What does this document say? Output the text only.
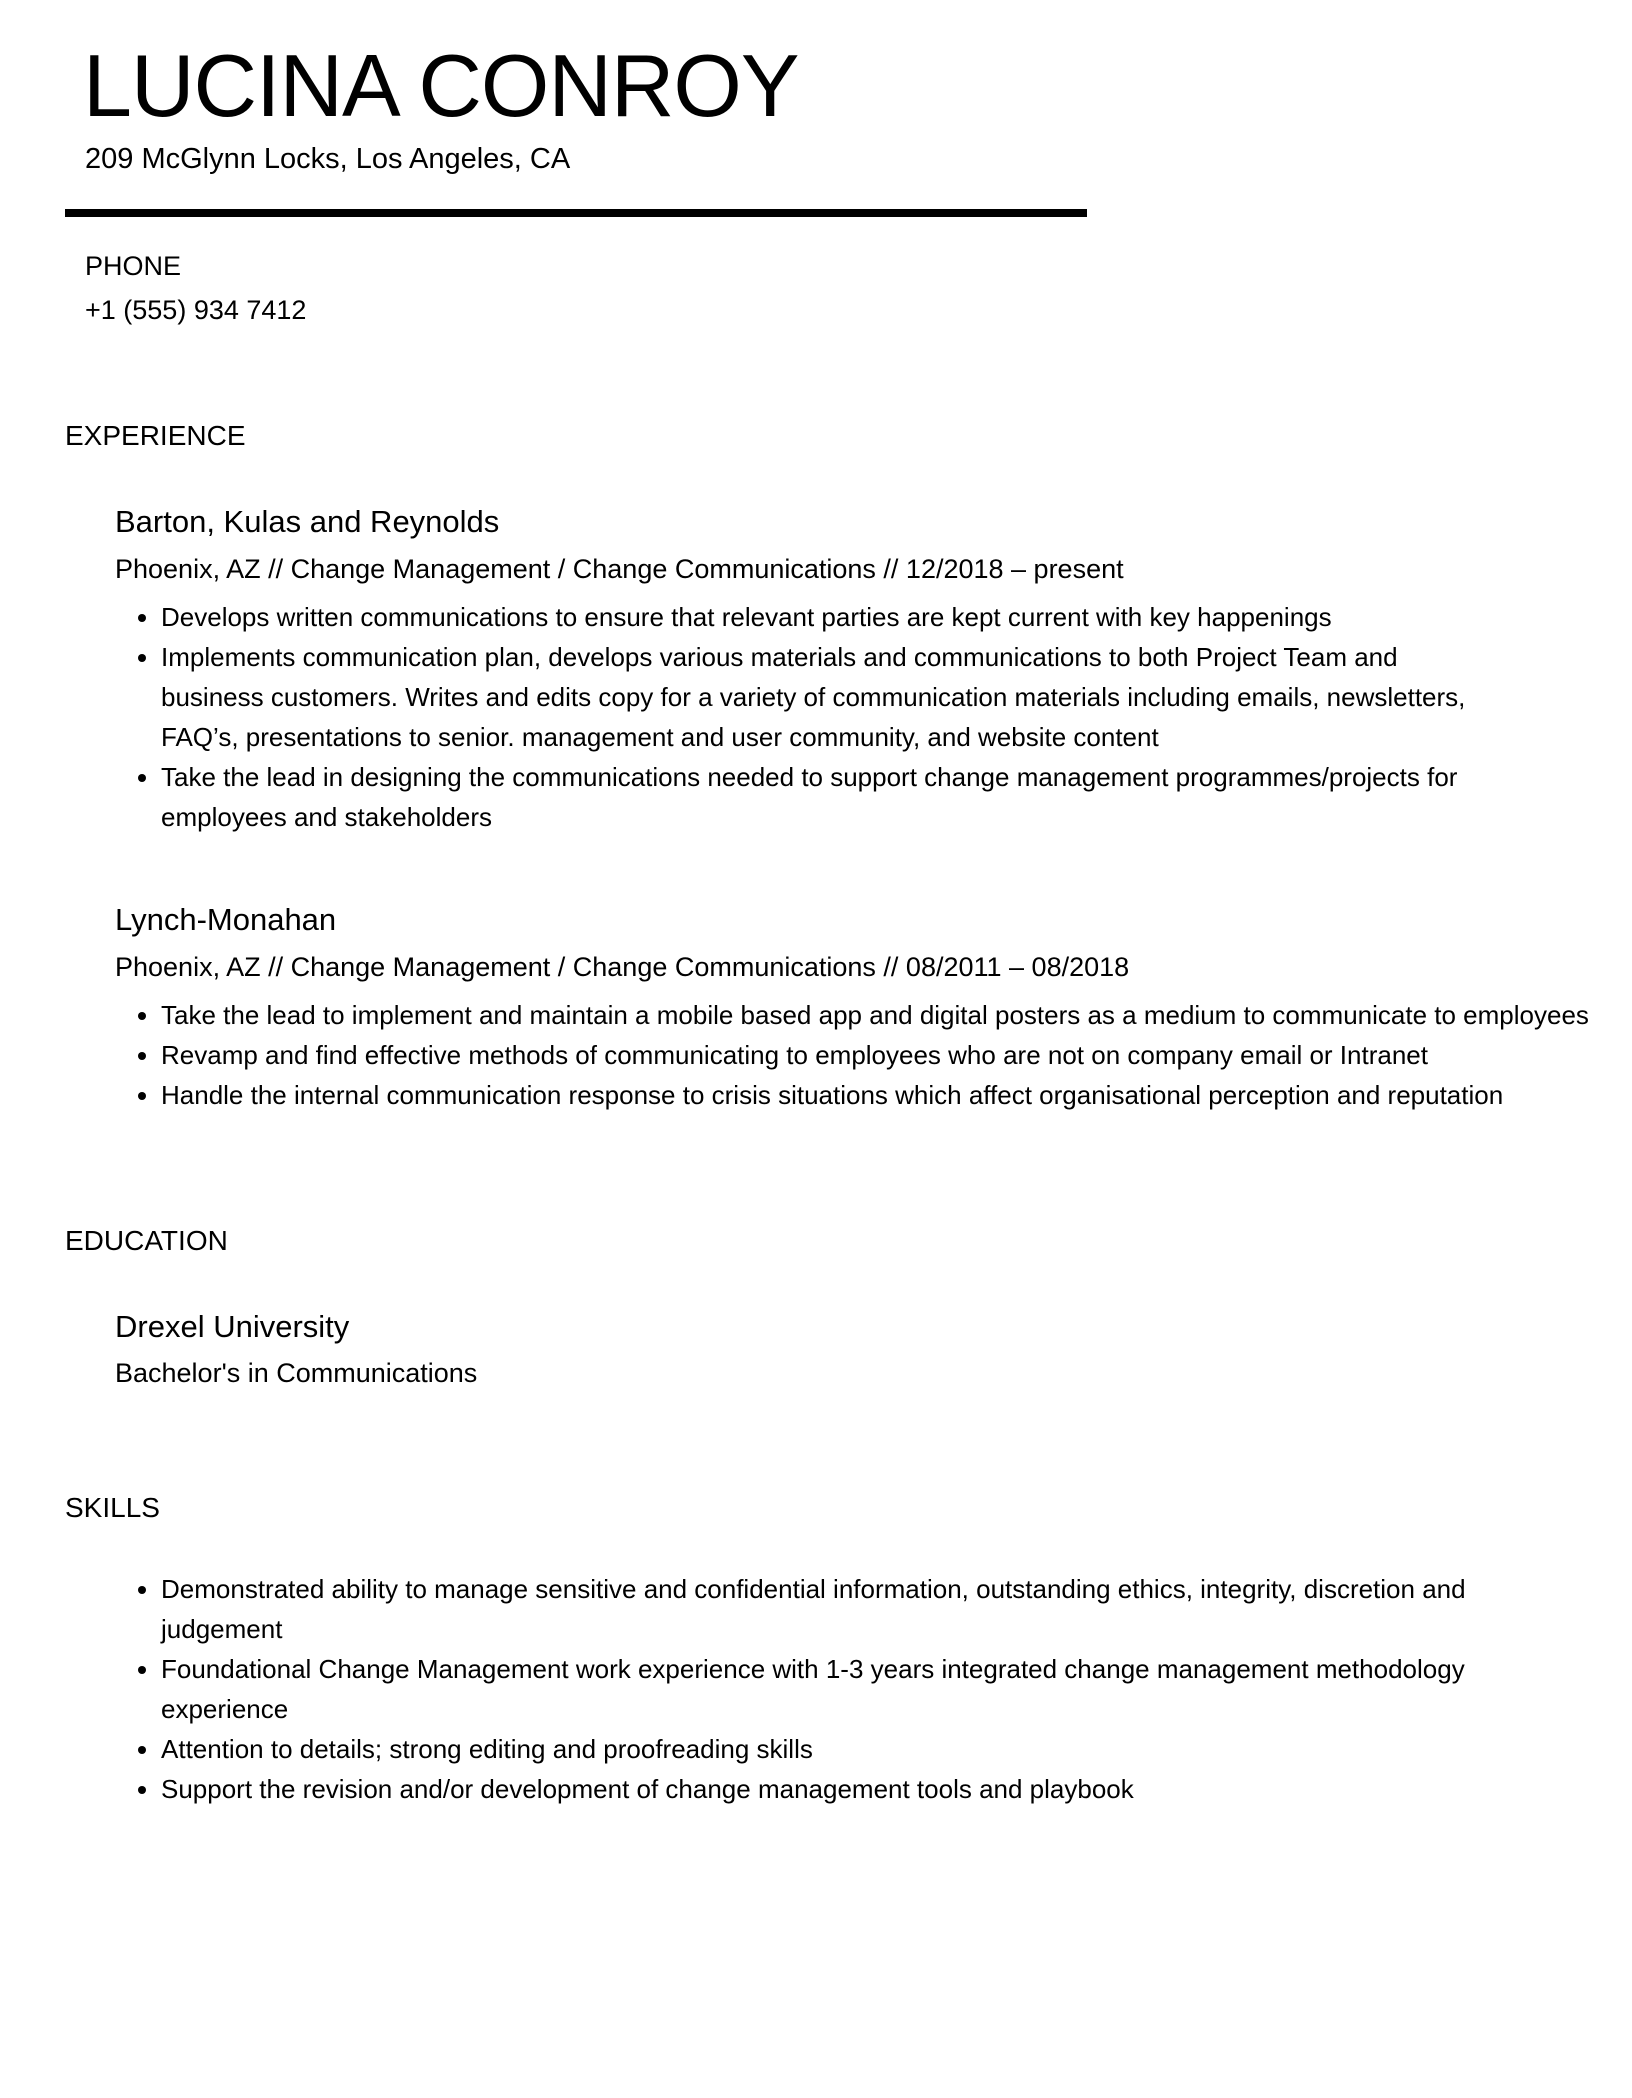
LUCINA CONROY
209 McGlynn Locks, Los Angeles, CA
PHONE
+1 (555) 934 7412
EXPERIENCE
Barton, Kulas and Reynolds
Phoenix, AZ // Change Management / Change Communications // 12/2018 – present
• Develops written communications to ensure that relevant parties are kept current with key happenings
• Implements communication plan, develops various materials and communications to both Project Team and business customers. Writes and edits copy for a variety of communication materials including emails, newsletters, FAQ’s, presentations to senior. management and user community, and website content
• Take the lead in designing the communications needed to support change management programmes/projects for employees and stakeholders
Lynch-Monahan
Phoenix, AZ // Change Management / Change Communications // 08/2011 – 08/2018
• Take the lead to implement and maintain a mobile based app and digital posters as a medium to communicate to employees
• Revamp and find effective methods of communicating to employees who are not on company email or Intranet
• Handle the internal communication response to crisis situations which affect organisational perception and reputation
EDUCATION
Drexel University
Bachelor's in Communications
SKILLS
• Demonstrated ability to manage sensitive and confidential information, outstanding ethics, integrity, discretion and judgement
• Foundational Change Management work experience with 1-3 years integrated change management methodology experience
• Attention to details; strong editing and proofreading skills
• Support the revision and/or development of change management tools and playbook
